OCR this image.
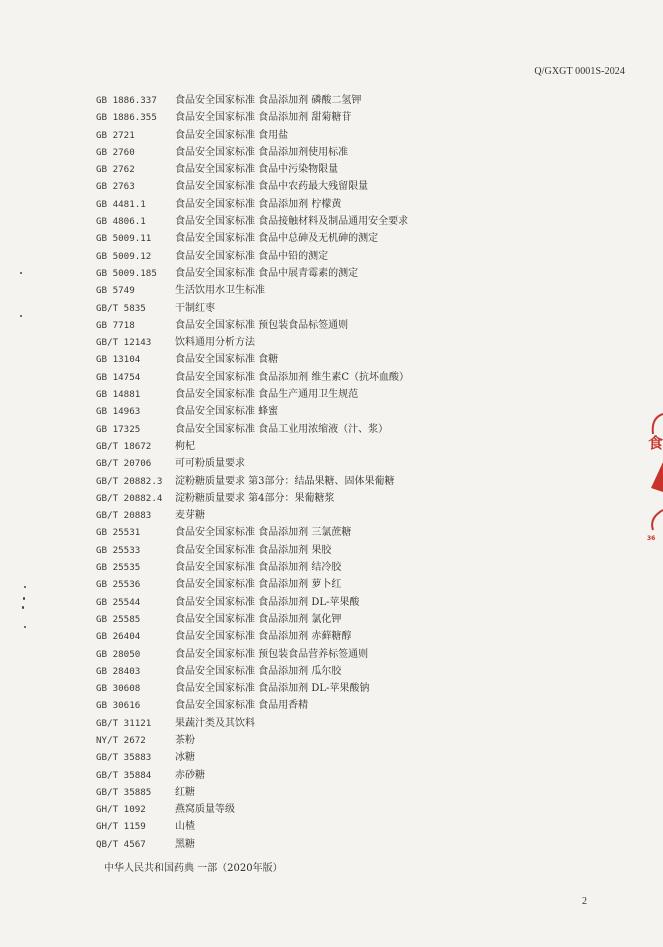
Q/GXGT 0001S-2024
GB 1886.337 食品安全国家标准 食品添加剂 磷酸二氢钾
GB 1886.355 食品安全国家标准 食品添加剂 甜菊糖苷
GB 2721	食品安全国家标准 食用盐
GB 2760	食品安全国家标准 食品添加剂使用标准
GB 2762	食品安全国家标准 食品中污染物限量
GB 2763	食品安全国家标准 食品中农药最大残留限量
GB 4481.1	食品安全国家标准 食品添加剂 柠檬黄
GB 4806.1	食品安全国家标准 食品接触材料及制品通用安全要求
GB 5009.11 食品安全国家标准 食品中总砷及无机砷的测定
GB 5009.12 食品安全国家标准 食品中铅的测定
GB 5009.185 食品安全国家标准 食品中展青霉素的测定
GB 5749	生活饮用水卫生标准
GB/T 5835	干制红枣
GB 7718	食品安全国家标准 预包装食品标签通则
GB/T 12143 饮料通用分析方法
GB 13104	食品安全国家标准 食糖
GB 14754	食品安全国家标准 食品添加剂 维生素C（抗坏血酸）
GB 14881	食品安全国家标准 食品生产通用卫生规范
GB 14963	食品安全国家标准 蜂蜜
GB 17325	食品安全国家标准 食品工业用浓缩液（汁、浆）
GB/T 18672 枸杞
GB/T 20706 可可粉质量要求
GB/T 20882.3 淀粉糖质量要求 第3部分：结晶果糖、固体果葡糖
GB/T 20882.4 淀粉糖质量要求 第4部分：果葡糖浆
GB/T 20883 麦芽糖
GB 25531	食品安全国家标准 食品添加剂 三氯蔗糖
GB 25533	食品安全国家标准 食品添加剂 果胶
GB 25535	食品安全国家标准 食品添加剂 结冷胶
GB 25536	食品安全国家标准 食品添加剂 萝卜红
GB 25544	食品安全国家标准 食品添加剂 DL-苹果酸
GB 25585	食品安全国家标准 食品添加剂 氯化钾
GB 26404	食品安全国家标准 食品添加剂 赤藓糖醇
GB 28050	食品安全国家标准 预包装食品营养标签通则
GB 28403	食品安全国家标准 食品添加剂 瓜尔胶
GB 30608	食品安全国家标准 食品添加剂 DL-苹果酸钠
GB 30616	食品安全国家标准 食品用香精
GB/T 31121 果蔬汁类及其饮料
NY/T 2672	茶粉
GB/T 35883 冰糖
GB/T 35884 赤砂糖
GB/T 35885 红糖
GH/T 1092	燕窝质量等级
GH/T 1159	山楂
QB/T 4567	黑糖
中华人民共和国药典 一部（2020年版）
2
食
36
